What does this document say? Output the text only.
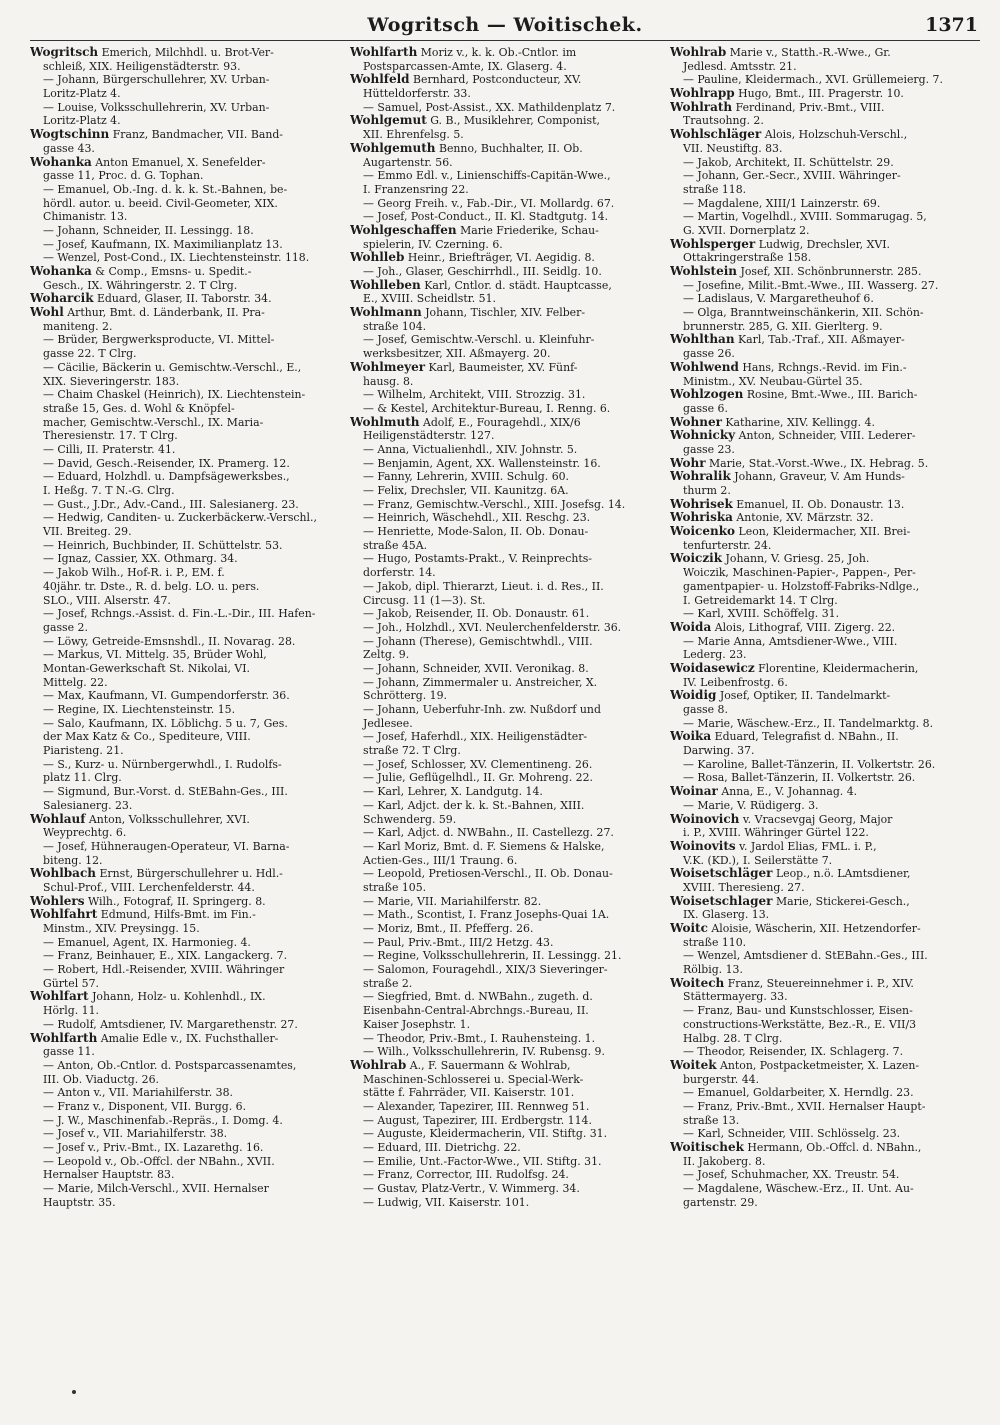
Wogritsch — Woitischek.	1371
Wogritsch Emerich, Milchhdl. u. Brot-Ver-
schleiß, XIX. Heiligenstädterstr. 93.
— Johann, Bürgerschullehrer, XV. Urban-
Loritz-Platz 4.
— Louise, Volksschullehrerin, XV. Urban-
Loritz-Platz 4.
Wogtschinn Franz, Bandmacher, VII. Band-
gasse 43.
Wohanka Anton Emanuel, X. Senefelder-
gasse 11, Proc. d. G. Tophan.
— Emanuel, Ob.-Ing. d. k. k. St.-Bahnen, be-
hördl. autor. u. beeid. Civil-Geometer, XIX.
Chimanistr. 13.
— Johann, Schneider, II. Lessingg. 18.
— Josef, Kaufmann, IX. Maximilianplatz 13.
— Wenzel, Post-Cond., IX. Liechtensteinstr. 118.
Wohanka & Comp., Emsns- u. Spedit.-
Gesch., IX. Währingerstr. 2. T Clrg.
Woharcik Eduard, Glaser, II. Taborstr. 34.
Wohl Arthur, Bmt. d. Länderbank, II. Pra-
maniteng. 2.
— Brüder, Bergwerksproducte, VI. Mittel-
gasse 22. T Clrg.
— Cäcilie, Bäckerin u. Gemischtw.-Verschl., E.,
XIX. Sieveringerstr. 183.
— Chaim Chaskel (Heinrich), IX. Liechtenstein-
straße 15, Ges. d. Wohl & Knöpfel-
macher, Gemischtw.-Verschl., IX. Maria-
Theresienstr. 17. T Clrg.
— Cilli, II. Praterstr. 41.
— David, Gesch.-Reisender, IX. Pramerg. 12.
— Eduard, Holzhdl. u. Dampfsägewerksbes.,
I. Heßg. 7. T N.-G. Clrg.
— Gust., J.Dr., Adv.-Cand., III. Salesianerg. 23.
— Hedwig, Canditen- u. Zuckerbäckerw.-Verschl.,
VII. Breiteg. 29.
— Heinrich, Buchbinder, II. Schüttelstr. 53.
— Ignaz, Cassier, XX. Othmarg. 34.
— Jakob Wilh., Hof-R. i. P., EM. f.
40jähr. tr. Dste., R. d. belg. LO. u. pers.
SLO., VIII. Alserstr. 47.
— Josef, Rchngs.-Assist. d. Fin.-L.-Dir., III. Hafen-
gasse 2.
— Löwy, Getreide-Emsnshdl., II. Novarag. 28.
— Markus, VI. Mittelg. 35, Brüder Wohl,
Montan-Gewerkschaft St. Nikolai, VI.
Mittelg. 22.
— Max, Kaufmann, VI. Gumpendorferstr. 36.
— Regine, IX. Liechtensteinstr. 15.
— Salo, Kaufmann, IX. Löblichg. 5 u. 7, Ges.
der Max Katz & Co., Spediteure, VIII.
Piaristeng. 21.
— S., Kurz- u. Nürnbergerwhdl., I. Rudolfs-
platz 11. Clrg.
— Sigmund, Bur.-Vorst. d. StEBahn-Ges., III.
Salesianerg. 23.
Wohlauf Anton, Volksschullehrer, XVI.
Weyprechtg. 6.
— Josef, Hühneraugen-Operateur, VI. Barna-
biteng. 12.
Wohlbach Ernst, Bürgerschullehrer u. Hdl.-
Schul-Prof., VIII. Lerchenfelderstr. 44.
Wohlers Wilh., Fotograf, II. Springerg. 8.
Wohlfahrt Edmund, Hilfs-Bmt. im Fin.-
Minstm., XIV. Preysingg. 15.
— Emanuel, Agent, IX. Harmonieg. 4.
— Franz, Beinhauer, E., XIX. Langackerg. 7.
— Robert, Hdl.-Reisender, XVIII. Währinger
Gürtel 57.
Wohlfart Johann, Holz- u. Kohlenhdl., IX.
Hörlg. 11.
— Rudolf, Amtsdiener, IV. Margarethenstr. 27.
Wohlfarth Amalie Edle v., IX. Fuchsthaller-
gasse 11.
— Anton, Ob.-Cntlor. d. Postsparcassenamtes,
III. Ob. Viaductg. 26.
— Anton v., VII. Mariahilferstr. 38.
— Franz v., Disponent, VII. Burgg. 6.
— J. W., Maschinenfab.-Repräs., I. Domg. 4.
— Josef v., VII. Mariahilferstr. 38.
— Josef v., Priv.-Bmt., IX. Lazarethg. 16.
— Leopold v., Ob.-Offcl. der NBahn., XVII.
Hernalser Hauptstr. 83.
— Marie, Milch-Verschl., XVII. Hernalser
Hauptstr. 35.
Wohlfarth Moriz v., k. k. Ob.-Cntlor. im
Postsparcassen-Amte, IX. Glaserg. 4.
Wohlfeld Bernhard, Postconducteur, XV.
Hütteldorferstr. 33.
— Samuel, Post-Assist., XX. Mathildenplatz 7.
Wohlgemut G. B., Musiklehrer, Componist,
XII. Ehrenfelsg. 5.
Wohlgemuth Benno, Buchhalter, II. Ob.
Augartenstr. 56.
— Emmo Edl. v., Linienschiffs-Capitän-Wwe.,
I. Franzensring 22.
— Georg Freih. v., Fab.-Dir., VI. Mollardg. 67.
— Josef, Post-Conduct., II. Kl. Stadtgutg. 14.
Wohlgeschaffen Marie Friederike, Schau-
spielerin, IV. Czerning. 6.
Wohlleb Heinr., Briefträger, VI. Aegidig. 8.
— Joh., Glaser, Geschirrhdl., III. Seidlg. 10.
Wohlleben Karl, Cntlor. d. städt. Hauptcasse,
E., XVIII. Scheidlstr. 51.
Wohlmann Johann, Tischler, XIV. Felber-
straße 104.
— Josef, Gemischtw.-Verschl. u. Kleinfuhr-
werksbesitzer, XII. Aßmayerg. 20.
Wohlmeyer Karl, Baumeister, XV. Fünf-
hausg. 8.
— Wilhelm, Architekt, VIII. Strozzig. 31.
— & Kestel, Architektur-Bureau, I. Renng. 6.
Wohlmuth Adolf, E., Fouragehdl., XIX/6
Heiligenstädterstr. 127.
— Anna, Victualienhdl., XIV. Johnstr. 5.
— Benjamin, Agent, XX. Wallensteinstr. 16.
— Fanny, Lehrerin, XVIII. Schulg. 60.
— Felix, Drechsler, VII. Kaunitzg. 6A.
— Franz, Gemischtw.-Verschl., XIII. Josefsg. 14.
— Heinrich, Wäschehdl., XII. Reschg. 23.
— Henriette, Mode-Salon, II. Ob. Donau-
straße 45A.
— Hugo, Postamts-Prakt., V. Reinprechts-
dorferstr. 14.
— Jakob, dipl. Thierarzt, Lieut. i. d. Res., II.
Circusg. 11 (1—3). St.
— Jakob, Reisender, II. Ob. Donaustr. 61.
— Joh., Holzhdl., XVI. Neulerchenfelderstr. 36.
— Johann (Therese), Gemischtwhdl., VIII.
Zeltg. 9.
— Johann, Schneider, XVII. Veronikag. 8.
— Johann, Zimmermaler u. Anstreicher, X.
Schrötterg. 19.
— Johann, Ueberfuhr-Inh. zw. Nußdorf und
Jedlesee.
— Josef, Haferhdl., XIX. Heiligenstädter-
straße 72. T Clrg.
— Josef, Schlosser, XV. Clementineng. 26.
— Julie, Geflügelhdl., II. Gr. Mohreng. 22.
— Karl, Lehrer, X. Landgutg. 14.
— Karl, Adjct. der k. k. St.-Bahnen, XIII.
Schwenderg. 59.
— Karl, Adjct. d. NWBahn., II. Castellezg. 27.
— Karl Moriz, Bmt. d. F. Siemens & Halske,
Actien-Ges., III/1 Traung. 6.
— Leopold, Pretiosen-Verschl., II. Ob. Donau-
straße 105.
— Marie, VII. Mariahilferstr. 82.
— Math., Scontist, I. Franz Josephs-Quai 1A.
— Moriz, Bmt., II. Pfefferg. 26.
— Paul, Priv.-Bmt., III/2 Hetzg. 43.
— Regine, Volksschullehrerin, II. Lessingg. 21.
— Salomon, Fouragehdl., XIX/3 Sieveringer-
straße 2.
— Siegfried, Bmt. d. NWBahn., zugeth. d.
Eisenbahn-Central-Abrchngs.-Bureau, II.
Kaiser Josephstr. 1.
— Theodor, Priv.-Bmt., I. Rauhensteing. 1.
— Wilh., Volksschullehrerin, IV. Rubensg. 9.
Wohlrab A., F. Sauermann & Wohlrab,
Maschinen-Schlosserei u. Special-Werk-
stätte f. Fahrräder, VII. Kaiserstr. 101.
— Alexander, Tapezirer, III. Rennweg 51.
— August, Tapezirer, III. Erdbergstr. 114.
— Auguste, Kleidermacherin, VII. Stiftg. 31.
— Eduard, III. Dietrichg. 22.
— Emilie, Unt.-Factor-Wwe., VII. Stiftg. 31.
— Franz, Corrector, III. Rudolfsg. 24.
— Gustav, Platz-Vertr., V. Wimmerg. 34.
— Ludwig, VII. Kaiserstr. 101.
Wohlrab Marie v., Statth.-R.-Wwe., Gr.
Jedlesd. Amtsstr. 21.
— Pauline, Kleidermach., XVI. Grüllemeierg. 7.
Wohlrapp Hugo, Bmt., III. Pragerstr. 10.
Wohlrath Ferdinand, Priv.-Bmt., VIII.
Trautsohng. 2.
Wohlschläger Alois, Holzschuh-Verschl.,
VII. Neustiftg. 83.
— Jakob, Architekt, II. Schüttelstr. 29.
— Johann, Ger.-Secr., XVIII. Währinger-
straße 118.
— Magdalene, XIII/1 Lainzerstr. 69.
— Martin, Vogelhdl., XVIII. Sommarugag. 5,
G. XVII. Dornerplatz 2.
Wohlsperger Ludwig, Drechsler, XVI.
Ottakringerstraße 158.
Wohlstein Josef, XII. Schönbrunnerstr. 285.
— Josefine, Milit.-Bmt.-Wwe., III. Wasserg. 27.
— Ladislaus, V. Margaretheuhof 6.
— Olga, Branntweinschänkerin, XII. Schön-
brunnerstr. 285, G. XII. Gierlterg. 9.
Wohlthan Karl, Tab.-Traf., XII. Aßmayer-
gasse 26.
Wohlwend Hans, Rchngs.-Revid. im Fin.-
Ministm., XV. Neubau-Gürtel 35.
Wohlzogen Rosine, Bmt.-Wwe., III. Barich-
gasse 6.
Wohner Katharine, XIV. Kellingg. 4.
Wohnicky Anton, Schneider, VIII. Lederer-
gasse 23.
Wohr Marie, Stat.-Vorst.-Wwe., IX. Hebrag. 5.
Wohralik Johann, Graveur, V. Am Hunds-
thurm 2.
Wohrisek Emanuel, II. Ob. Donaustr. 13.
Wohriska Antonie, XV. Märzstr. 32.
Woicenko Leon, Kleidermacher, XII. Brei-
tenfurterstr. 24.
Woiczik Johann, V. Griesg. 25, Joh.
Woiczik, Maschinen-Papier-, Pappen-, Per-
gamentpapier- u. Holzstoff-Fabriks-Ndlge.,
I. Getreidemarkt 14. T Clrg.
— Karl, XVIII. Schöffelg. 31.
Woida Alois, Lithograf, VIII. Zigerg. 22.
— Marie Anna, Amtsdiener-Wwe., VIII.
Lederg. 23.
Woidasewicz Florentine, Kleidermacherin,
IV. Leibenfrostg. 6.
Woidig Josef, Optiker, II. Tandelmarkt-
gasse 8.
— Marie, Wäschew.-Erz., II. Tandelmarktg. 8.
Woika Eduard, Telegrafist d. NBahn., II.
Darwing. 37.
— Karoline, Ballet-Tänzerin, II. Volkertstr. 26.
— Rosa, Ballet-Tänzerin, II. Volkertstr. 26.
Woinar Anna, E., V. Johannag. 4.
— Marie, V. Rüdigerg. 3.
Woinovich v. Vracsevgaj Georg, Major
i. P., XVIII. Währinger Gürtel 122.
Woinovits v. Jardol Elias, FML. i. P.,
V.K. (KD.), I. Seilerstätte 7.
Woisetschläger Leop., n.ö. LAmtsdiener,
XVIII. Theresieng. 27.
Woisetschlager Marie, Stickerei-Gesch.,
IX. Glaserg. 13.
Woitc Aloisie, Wäscherin, XII. Hetzendorfer-
straße 110.
— Wenzel, Amtsdiener d. StEBahn.-Ges., III.
Rölbig. 13.
Woitech Franz, Steuereinnehmer i. P., XIV.
Stättermayerg. 33.
— Franz, Bau- und Kunstschlosser, Eisen-
constructions-Werkstätte, Bez.-R., E. VII/3
Halbg. 28. T Clrg.
— Theodor, Reisender, IX. Schlagerg. 7.
Woitek Anton, Postpacketmeister, X. Lazen-
burgerstr. 44.
— Emanuel, Goldarbeiter, X. Herndlg. 23.
— Franz, Priv.-Bmt., XVII. Hernalser Haupt-
straße 13.
— Karl, Schneider, VIII. Schlösselg. 23.
Woitischek Hermann, Ob.-Offcl. d. NBahn.,
II. Jakoberg. 8.
— Josef, Schuhmacher, XX. Treustr. 54.
— Magdalene, Wäschew.-Erz., II. Unt. Au-
gartenstr. 29.
